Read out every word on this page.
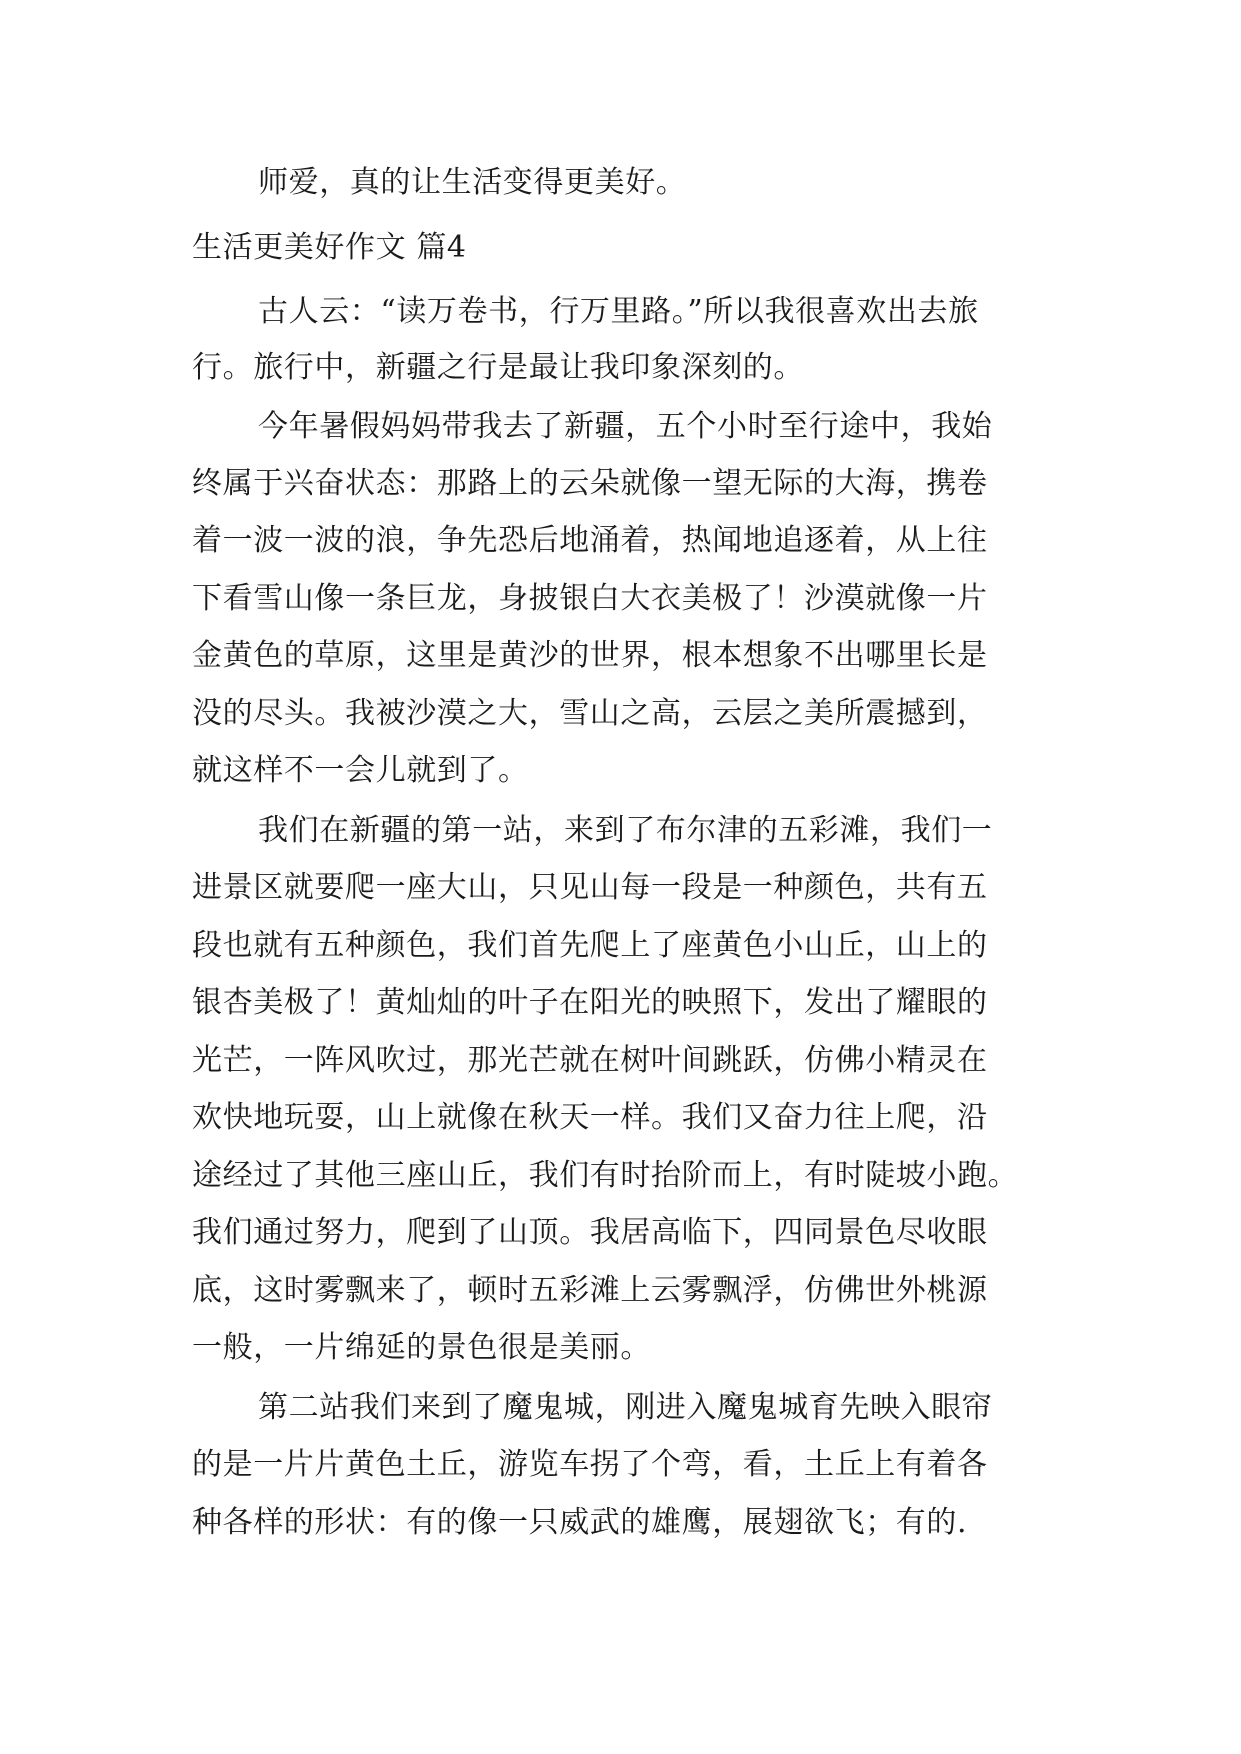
师爱，真的让生活变得更美好。
生活更美好作文 篇4
古人云：“读万卷书，行万里路。”所以我很喜欢出去旅
行。旅行中，新疆之行是最让我印象深刻的。
今年暑假妈妈带我去了新疆，五个小时至行途中，我始
终属于兴奋状态：那路上的云朵就像一望无际的大海，携卷
着一波一波的浪，争先恐后地涌着，热闻地追逐着，从上往
下看雪山像一条巨龙，身披银白大衣美极了！沙漠就像一片
金黄色的草原，这里是黄沙的世界，根本想象不出哪里长是
没的尽头。我被沙漠之大，雪山之高，云层之美所震撼到，
就这样不一会儿就到了。
我们在新疆的第一站，来到了布尔津的五彩滩，我们一
进景区就要爬一座大山，只见山每一段是一种颜色，共有五
段也就有五种颜色，我们首先爬上了座黄色小山丘，山上的
银杏美极了！黄灿灿的叶子在阳光的映照下，发出了耀眼的
光芒，一阵风吹过，那光芒就在树叶间跳跃，仿佛小精灵在
欢快地玩耍，山上就像在秋天一样。我们又奋力往上爬，沿
途经过了其他三座山丘，我们有时抬阶而上，有时陡坡小跑。
我们通过努力，爬到了山顶。我居高临下，四同景色尽收眼
底，这时雾飘来了，顿时五彩滩上云雾飘浮，仿佛世外桃源
一般，一片绵延的景色很是美丽。
第二站我们来到了魔鬼城，刚进入魔鬼城育先映入眼帘
的是一片片黄色土丘，游览车拐了个弯，看，土丘上有着各
种各样的形状：有的像一只威武的雄鹰，展翅欲飞；有的.
